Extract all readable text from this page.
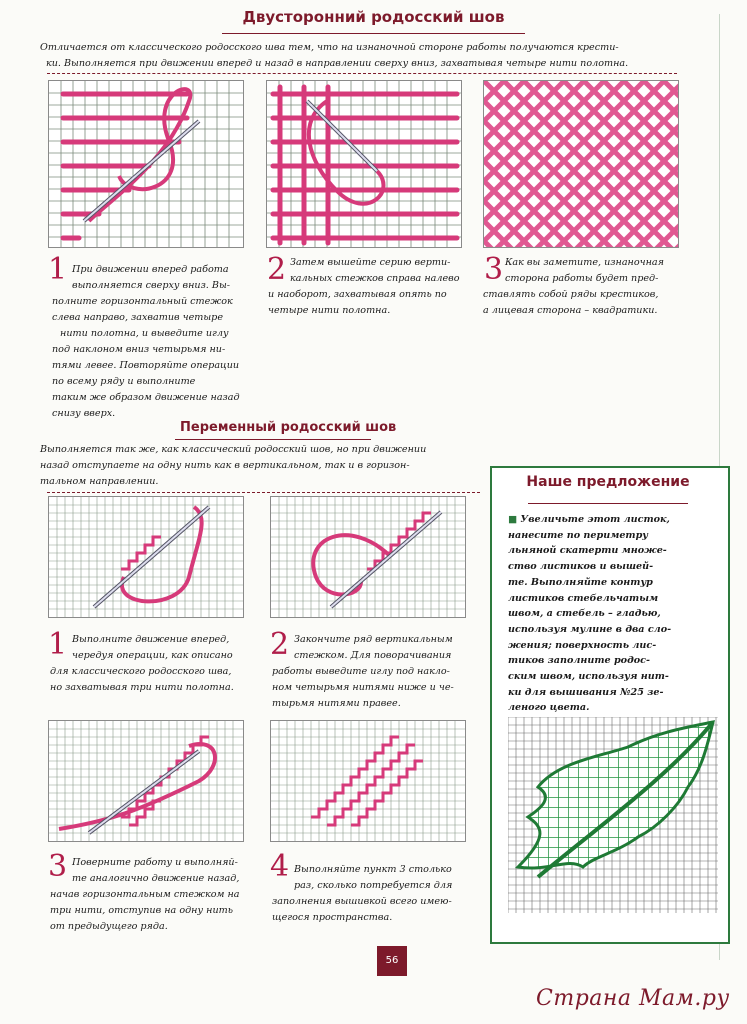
Двусторонний родосский шов
Отличается от классического родосского шва тем, что на изнаночной стороне работы получаются крести-
ки. Выполняется при движении вперед и назад в направлении сверху вниз, захватывая четыре нити полотна.
1 При движении вперед работа
выполняется сверху вниз. Вы-
полните горизонтальный стежок
слева направо, захватив четыре
нити полотна, и выведите иглу
под наклоном вниз четырьмя ни-
тями левее. Повторяйте операции
по всему ряду и выполните
таким же образом движение назад
снизу вверх.
2 Затем вышейте серию верти-
кальных стежков справа налево
и наоборот, захватывая опять по
четыре нити полотна.
3 Как вы заметите, изнаночная
сторона работы будет пред-
ставлять собой ряды крестиков,
а лицевая сторона – квадратики.
Переменный родосский шов
Выполняется так же, как классический родосский шов, но при движении
назад отступаете на одну нить как в вертикальном, так и в горизон-
тальном направлении.
1 Выполните движение вперед,
чередуя операции, как описано
для классического родосского шва,
но захватывая три нити полотна.
2 Закончите ряд вертикальным
стежком. Для поворачивания
работы выведите иглу под накло-
ном четырьмя нитями ниже и че-
тырьмя нитями правее.
3 Поверните работу и выполняй-
те аналогично движение назад,
начав горизонтальным стежком на
три нити, отступив на одну нить
от предыдущего ряда.
4 Выполняйте пункт 3 столько
раз, сколько потребуется для
заполнения вышивкой всего имею-
щегося пространства.
Наше предложение
■ Увеличьте этот листок,
нанесите по периметру
льняной скатерти множе-
ство листиков и вышей-
те. Выполняйте контур
листиков стебельчатым
швом, а стебель – гладью,
используя мулине в два сло-
жения; поверхность лис-
тиков заполните родос-
ским швом, используя нит-
ки для вышивания №25 зе-
леного цвета.
56
Страна Мам.ру
